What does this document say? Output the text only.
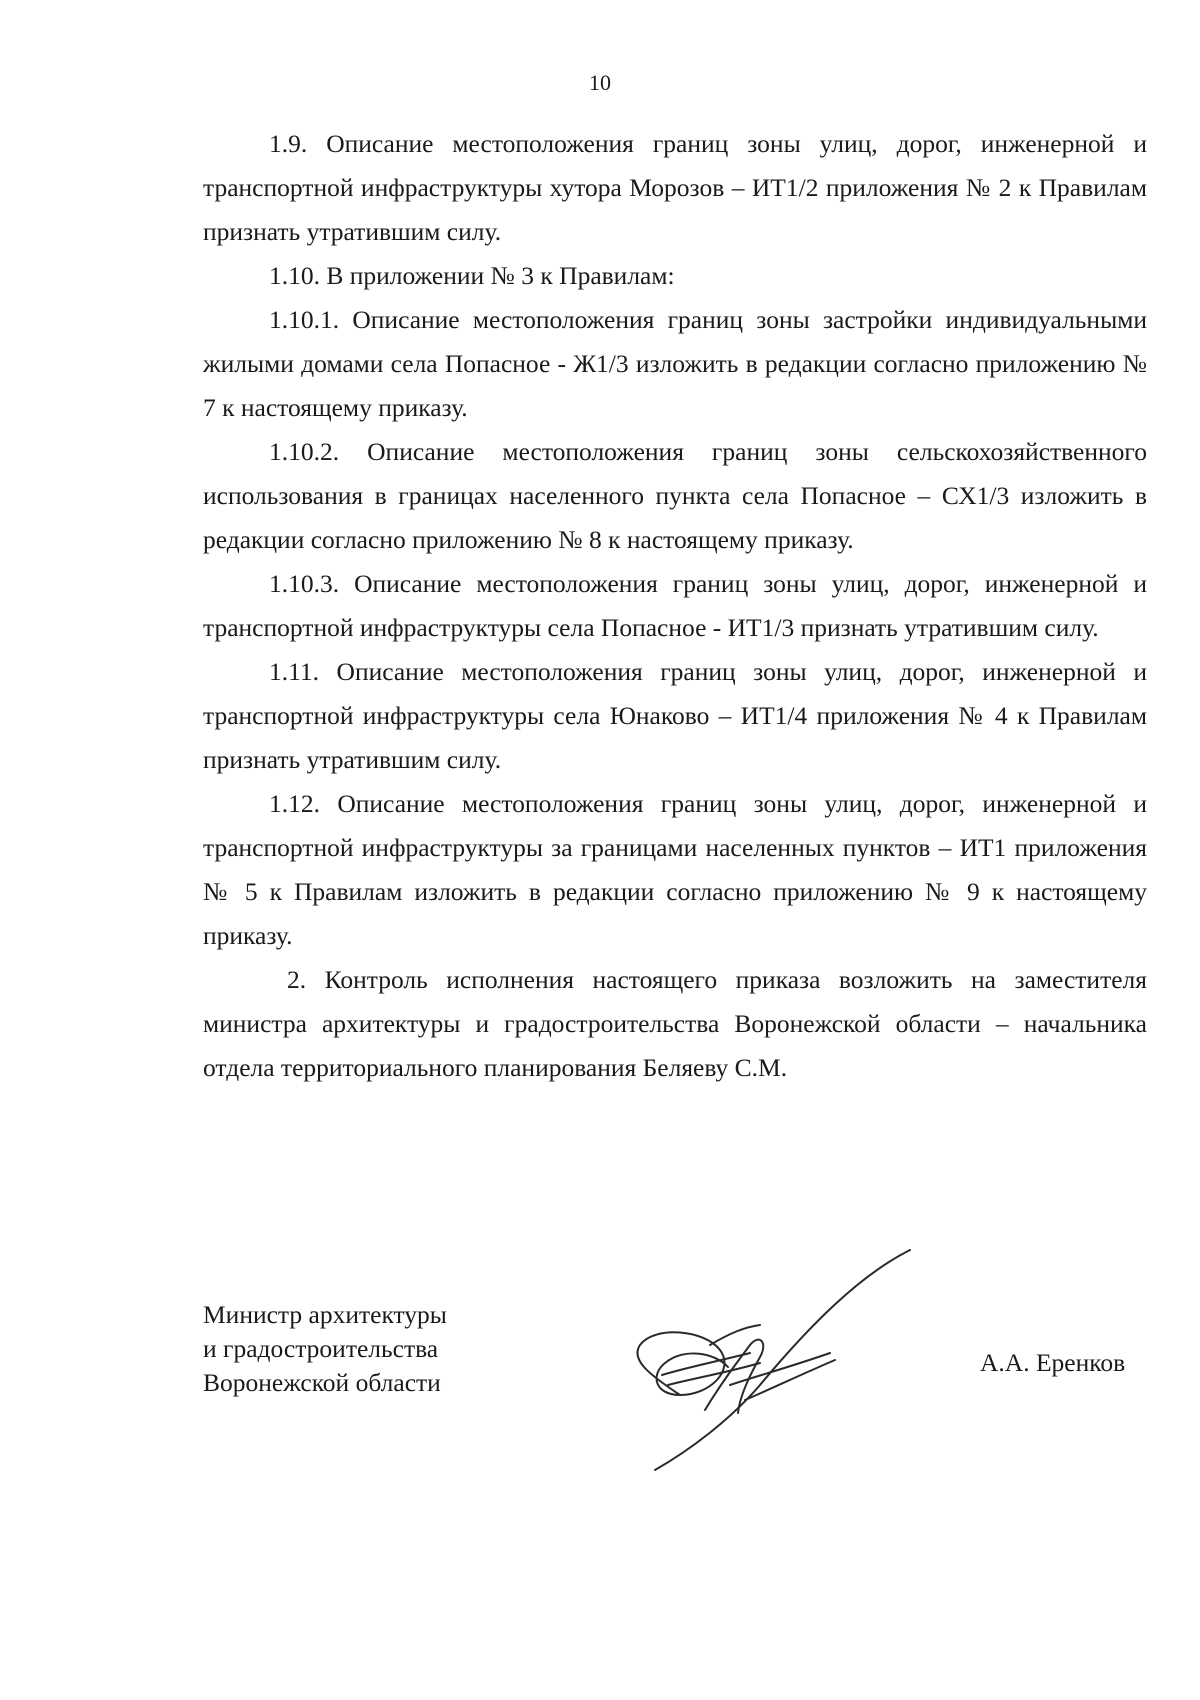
10

1.9. Описание местоположения границ зоны улиц, дорог, инженерной и транспортной инфраструктуры хутора Морозов – ИТ1/2 приложения № 2 к Правилам признать утратившим силу.

1.10. В приложении № 3 к Правилам:

1.10.1. Описание местоположения границ зоны застройки индивидуальными жилыми домами села Попасное - Ж1/3 изложить в редакции согласно приложению № 7 к настоящему приказу.

1.10.2. Описание местоположения границ зоны сельскохозяйственного использования в границах населенного пункта села Попасное – СХ1/3 изложить в редакции согласно приложению № 8 к настоящему приказу.

1.10.3. Описание местоположения границ зоны улиц, дорог, инженерной и транспортной инфраструктуры села Попасное - ИТ1/3 признать утратившим силу.

1.11. Описание местоположения границ зоны улиц, дорог, инженерной и транспортной инфраструктуры села Юнаково – ИТ1/4 приложения № 4 к Правилам признать утратившим силу.

1.12. Описание местоположения границ зоны улиц, дорог, инженерной и транспортной инфраструктуры за границами населенных пунктов – ИТ1 приложения № 5 к Правилам изложить в редакции согласно приложению № 9 к настоящему приказу.

2. Контроль исполнения настоящего приказа возложить на заместителя министра архитектуры и градостроительства Воронежской области – начальника отдела территориального планирования Беляеву С.М.

Министр архитектуры
и градостроительства
Воронежской области
А.А. Еренков
